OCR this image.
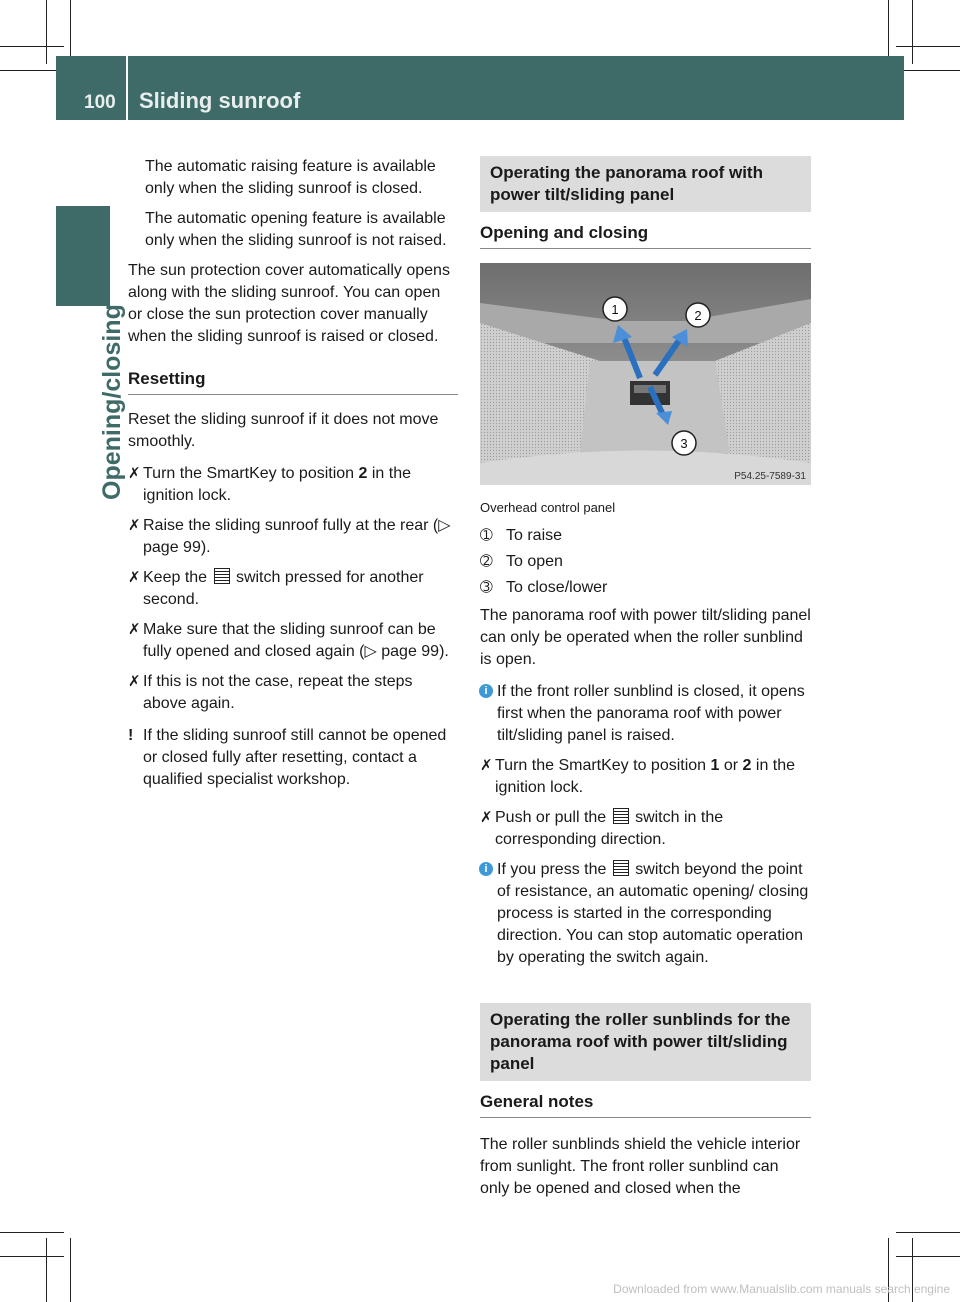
100 Sliding sunroof
Opening/closing

The automatic raising feature is available only when the sliding sunroof is closed.

The automatic opening feature is available only when the sliding sunroof is not raised.

The sun protection cover automatically opens along with the sliding sunroof. You can open or close the sun protection cover manually when the sliding sunroof is raised or closed.

Resetting

Reset the sliding sunroof if it does not move smoothly.

✗ Turn the SmartKey to position 2 in the ignition lock.

✗ Raise the sliding sunroof fully at the rear (▷ page 99).

✗ Keep the  switch pressed for another second.

✗ Make sure that the sliding sunroof can be fully opened and closed again (▷ page 99).

✗ If this is not the case, repeat the steps above again.

! If the sliding sunroof still cannot be opened or closed fully after resetting, contact a qualified specialist workshop.

Operating the panorama roof with power tilt/sliding panel

Opening and closing

1	2
3
P54.25-7589-31

Overhead control panel

➀ To raise

➁ To open

➂ To close/lower

The panorama roof with power tilt/sliding panel can only be operated when the roller sunblind is open.

i If the front roller sunblind is closed, it opens first when the panorama roof with power tilt/sliding panel is raised.

✗ Turn the SmartKey to position 1 or 2 in the ignition lock.

✗ Push or pull the  switch in the corresponding direction.

i If you press the  switch beyond the point of resistance, an automatic opening/ closing process is started in the corresponding direction. You can stop automatic operation by operating the switch again.

Operating the roller sunblinds for the panorama roof with power tilt/sliding panel

General notes

The roller sunblinds shield the vehicle interior from sunlight. The front roller sunblind can only be opened and closed when the

Downloaded from www.Manualslib.com manuals search engine
